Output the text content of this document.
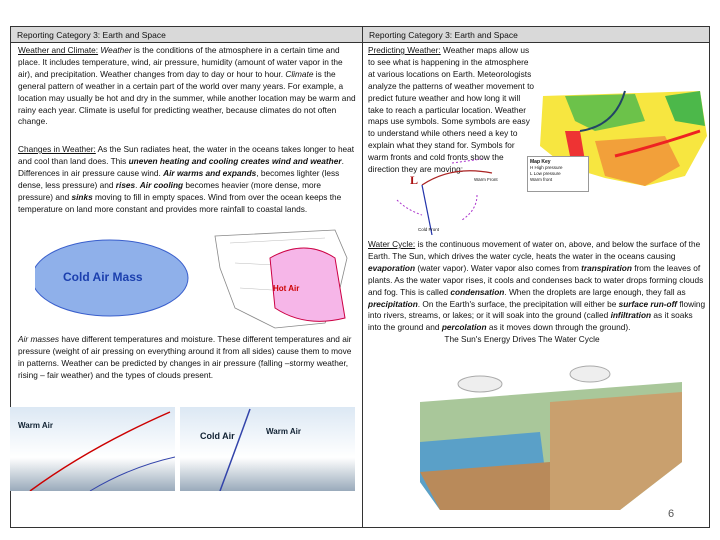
Reporting Category 3: Earth and Space	Reporting Category 3: Earth and Space
Weather and Climate: Weather is the conditions of the atmosphere in a certain time and place. It includes temperature, wind, air pressure, humidity (amount of water vapor in the air), and precipitation. Weather changes from day to day or hour to hour. Climate is the general pattern of weather in a certain part of the world over many years. For example, a location may usually be hot and dry in the summer, while another location may be warm and rainy each year. Climate is useful for predicting weather, because climates do not often change.
Changes in Weather: As the Sun radiates heat, the water in the oceans takes longer to heat and cool than land does. This uneven heating and cooling creates wind and weather. Differences in air pressure cause wind. Air warms and expands, becomes lighter (less dense, less pressure) and rises. Air cooling becomes heavier (more dense, more pressure) and sinks moving to fill in empty spaces. Wind from over the ocean keeps the temperature on land more constant and provides more rainfall to coastal lands.
Cold Air Mass
Hot Air
Air masses have different temperatures and moisture. These different temperatures and air pressure (weight of air pressing on everything around it from all sides) cause them to move in patterns. Weather can be predicted by changes in air pressure (falling –stormy weather, rising – fair weather) and the types of clouds present.
Warm Air
Cold Air	Warm Air
Predicting Weather: Weather maps allow us to see what is happening in the atmosphere at various locations on Earth. Meteorologists analyze the patterns of weather movement to predict future weather and how long it will take to reach a particular location. Weather maps use symbols. Some symbols are easy to understand while others need a key to explain what they stand for. Symbols for warm fronts and cold fronts show the direction they are moving:
Map Key
H High pressure
L Low pressure
Warm front
L	Warm Front
Cold Front
Water Cycle: is the continuous movement of water on, above, and below the surface of the Earth. The Sun, which drives the water cycle, heats the water in the oceans causing evaporation (water vapor). Water vapor also comes from transpiration from the leaves of plants. As the water vapor rises, it cools and condenses back to water drops forming clouds and fog. This is called condensation. When the droplets are large enough, they fall as precipitation. On the Earth's surface, the precipitation will either be surface run-off flowing into rivers, streams, or lakes; or it will soak into the ground (called infiltration as it soaks into the ground and percolation as it moves down through the ground).
The Sun's Energy Drives The Water Cycle
6
